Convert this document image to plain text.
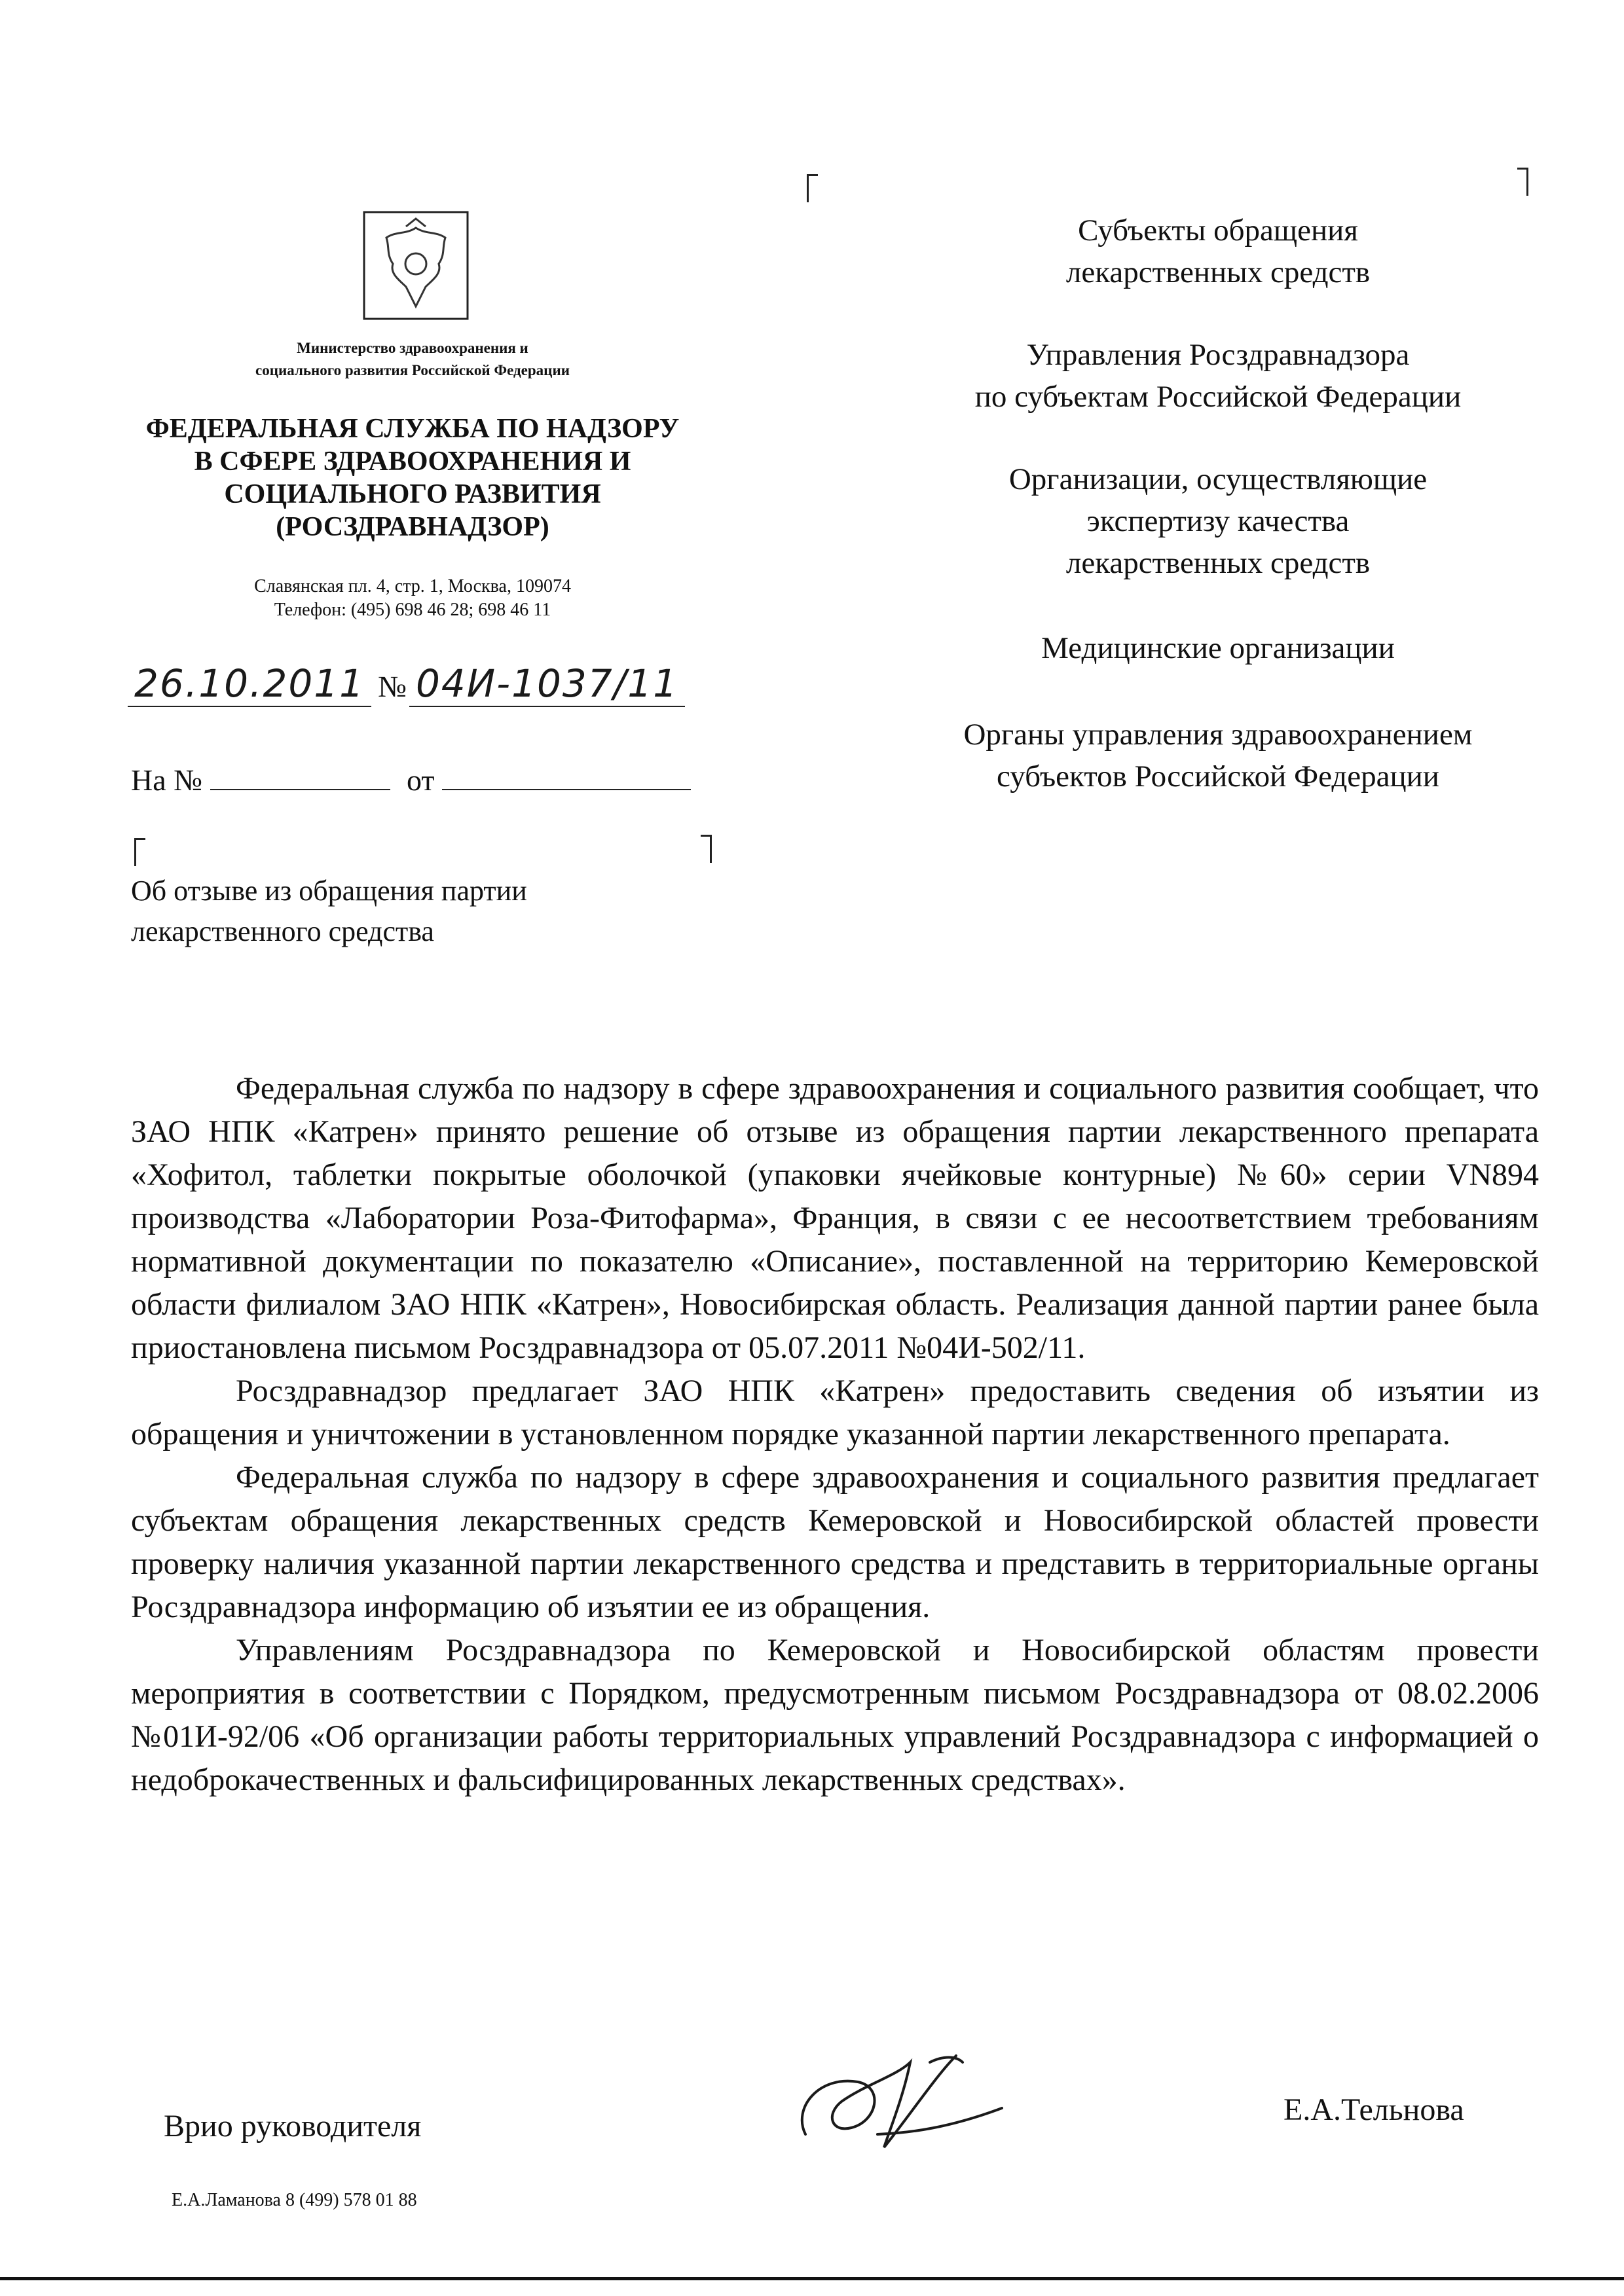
Министерство здравоохранения и
социального развития Российской Федерации
ФЕДЕРАЛЬНАЯ СЛУЖБА ПО НАДЗОРУ
В СФЕРЕ ЗДРАВООХРАНЕНИЯ И
СОЦИАЛЬНОГО РАЗВИТИЯ
(РОСЗДРАВНАДЗОР)
Славянская пл. 4, стр. 1, Москва, 109074
Телефон: (495) 698 46 28; 698 46 11
26.10.2011 № 04И-1037/11
На №	от
Субъекты обращения
лекарственных средств
Управления Росздравнадзора
по субъектам Российской Федерации
Организации, осуществляющие
экспертизу качества
лекарственных средств
Медицинские организации
Органы управления здравоохранением
субъектов Российской Федерации
Об отзыве из обращения партии
лекарственного средства

Федеральная служба по надзору в сфере здравоохранения и социального развития сообщает, что ЗАО НПК «Катрен» принято решение об отзыве из обращения партии лекарственного препарата «Хофитол, таблетки покрытые оболочкой (упаковки ячейковые контурные) №60» серии VN894 производства «Лаборатории Роза-Фитофарма», Франция, в связи с ее несоответствием требованиям нормативной документации по показателю «Описание», поставленной на территорию Кемеровской области филиалом ЗАО НПК «Катрен», Новосибирская область. Реализация данной партии ранее была приостановлена письмом Росздравнадзора от 05.07.2011 №04И-502/11.

Росздравнадзор предлагает ЗАО НПК «Катрен» предоставить сведения об изъятии из обращения и уничтожении в установленном порядке указанной партии лекарственного препарата.

Федеральная служба по надзору в сфере здравоохранения и социального развития предлагает субъектам обращения лекарственных средств Кемеровской и Новосибирской областей провести проверку наличия указанной партии лекарственного средства и представить в территориальные органы Росздравнадзора информацию об изъятии ее из обращения.

Управлениям Росздравнадзора по Кемеровской и Новосибирской областям провести мероприятия в соответствии с Порядком, предусмотренным письмом Росздравнадзора от 08.02.2006 №01И-92/06 «Об организации работы территориальных управлений Росздравнадзора с информацией о недоброкачественных и фальсифицированных лекарственных средствах».

Врио руководителя	Е.А.Тельнова
Е.А.Ламанова 8 (499) 578 01 88
